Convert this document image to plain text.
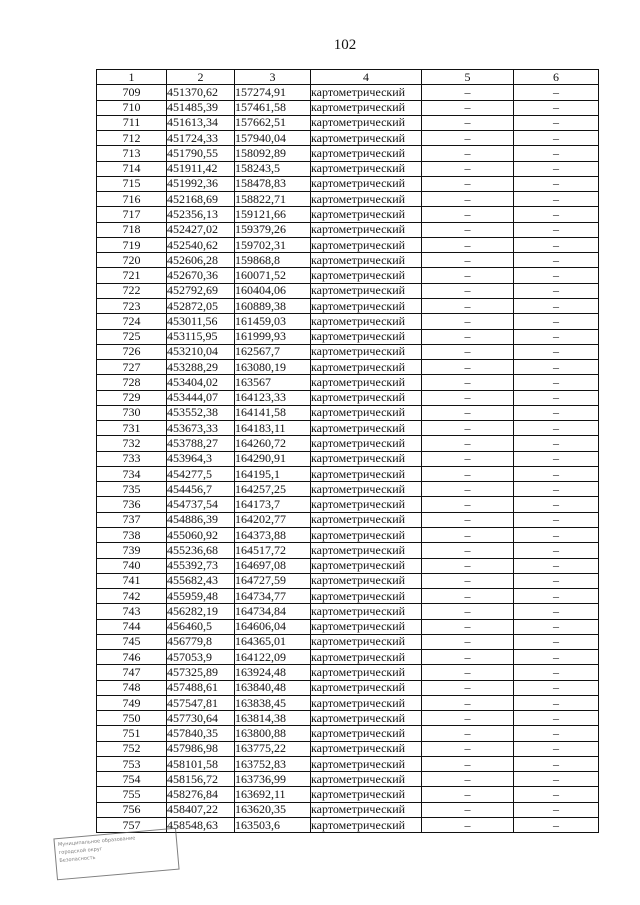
102
1	2	3	4	5	6
709	451370,62	157274,91	картометрический	–	–
710	451485,39	157461,58	картометрический	–	–
711	451613,34	157662,51	картометрический	–	–
712	451724,33	157940,04	картометрический	–	–
713	451790,55	158092,89	картометрический	–	–
714	451911,42	158243,5	картометрический	–	–
715	451992,36	158478,83	картометрический	–	–
716	452168,69	158822,71	картометрический	–	–
717	452356,13	159121,66	картометрический	–	–
718	452427,02	159379,26	картометрический	–	–
719	452540,62	159702,31	картометрический	–	–
720	452606,28	159868,8	картометрический	–	–
721	452670,36	160071,52	картометрический	–	–
722	452792,69	160404,06	картометрический	–	–
723	452872,05	160889,38	картометрический	–	–
724	453011,56	161459,03	картометрический	–	–
725	453115,95	161999,93	картометрический	–	–
726	453210,04	162567,7	картометрический	–	–
727	453288,29	163080,19	картометрический	–	–
728	453404,02	163567	картометрический	–	–
729	453444,07	164123,33	картометрический	–	–
730	453552,38	164141,58	картометрический	–	–
731	453673,33	164183,11	картометрический	–	–
732	453788,27	164260,72	картометрический	–	–
733	453964,3	164290,91	картометрический	–	–
734	454277,5	164195,1	картометрический	–	–
735	454456,7	164257,25	картометрический	–	–
736	454737,54	164173,7	картометрический	–	–
737	454886,39	164202,77	картометрический	–	–
738	455060,92	164373,88	картометрический	–	–
739	455236,68	164517,72	картометрический	–	–
740	455392,73	164697,08	картометрический	–	–
741	455682,43	164727,59	картометрический	–	–
742	455959,48	164734,77	картометрический	–	–
743	456282,19	164734,84	картометрический	–	–
744	456460,5	164606,04	картометрический	–	–
745	456779,8	164365,01	картометрический	–	–
746	457053,9	164122,09	картометрический	–	–
747	457325,89	163924,48	картометрический	–	–
748	457488,61	163840,48	картометрический	–	–
749	457547,81	163838,45	картометрический	–	–
750	457730,64	163814,38	картометрический	–	–
751	457840,35	163800,88	картометрический	–	–
752	457986,98	163775,22	картометрический	–	–
753	458101,58	163752,83	картометрический	–	–
754	458156,72	163736,99	картометрический	–	–
755	458276,84	163692,11	картометрический	–	–
756	458407,22	163620,35	картометрический	–	–
757	458548,63	163503,6	картометрический	–	–
Муниципальное образование
городской округ
Безопасность
